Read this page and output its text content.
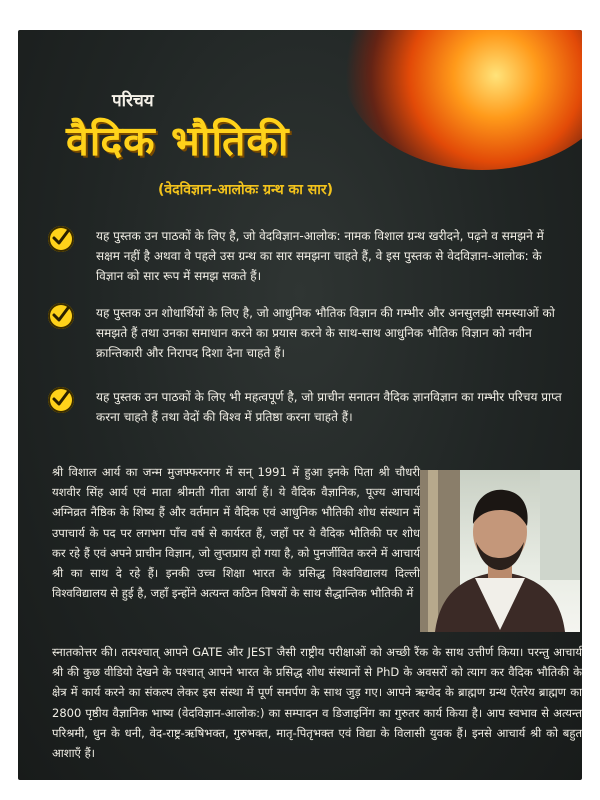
परिचय

वैदिक भौतिकी

(वेदविज्ञान-आलोकः ग्रन्थ का सार)

यह पुस्तक उन पाठकों के लिए है, जो वेदविज्ञान-आलोक: नामक विशाल ग्रन्थ खरीदने, पढ़ने व समझने में सक्षम नहीं है अथवा वे पहले उस ग्रन्थ का सार समझना चाहते हैं, वे इस पुस्तक से वेदविज्ञान-आलोक: के विज्ञान को सार रूप में समझ सकते हैं।

यह पुस्तक उन शोधार्थियों के लिए है, जो आधुनिक भौतिक विज्ञान की गम्भीर और अनसुलझी समस्याओं को समझते हैं तथा उनका समाधान करने का प्रयास करने के साथ-साथ आधुनिक भौतिक विज्ञान को नवीन क्रान्तिकारी और निरापद दिशा देना चाहते हैं।

यह पुस्तक उन पाठकों के लिए भी महत्वपूर्ण है, जो प्राचीन सनातन वैदिक ज्ञानविज्ञान का गम्भीर परिचय प्राप्त करना चाहते हैं तथा वेदों की विश्व में प्रतिष्ठा करना चाहते हैं।

श्री विशाल आर्य का जन्म मुजफ्फरनगर में सन् 1991 में हुआ इनके पिता श्री चौधरी यशवीर सिंह आर्य एवं माता श्रीमती गीता आर्या हैं। ये वैदिक वैज्ञानिक, पूज्य आचार्य अग्निव्रत नैष्ठिक के शिष्य हैं और वर्तमान में वैदिक एवं आधुनिक भौतिकी शोध संस्थान में उपाचार्य के पद पर लगभग पाँच वर्ष से कार्यरत हैं, जहाँ पर ये वैदिक भौतिकी पर शोध कर रहे हैं एवं अपने प्राचीन विज्ञान, जो लुप्तप्राय हो गया है, को पुनर्जीवित करने में आचार्य श्री का साथ दे रहे हैं। इनकी उच्च शिक्षा भारत के प्रसिद्ध विश्वविद्यालय दिल्ली विश्वविद्यालय से हुई है, जहाँ इन्होंने अत्यन्त कठिन विषयों के साथ सैद्धान्तिक भौतिकी में

स्नातकोत्तर की। तत्पश्चात् आपने GATE और JEST जैसी राष्ट्रीय परीक्षाओं को अच्छी रैंक के साथ उत्तीर्ण किया। परन्तु आचार्य श्री की कुछ वीडियो देखने के पश्चात् आपने भारत के प्रसिद्ध शोध संस्थानों से PhD के अवसरों को त्याग कर वैदिक भौतिकी के क्षेत्र में कार्य करने का संकल्प लेकर इस संस्था में पूर्ण समर्पण के साथ जुड़ गए। आपने ऋग्वेद के ब्राह्मण ग्रन्थ ऐतरेय ब्राह्मण का 2800 पृष्ठीय वैज्ञानिक भाष्य (वेदविज्ञान-आलोक:) का सम्पादन व डिजाइनिंग का गुरुतर कार्य किया है। आप स्वभाव से अत्यन्त परिश्रमी, धुन के धनी, वेद-राष्ट्र-ऋषिभक्त, गुरुभक्त, मातृ-पितृभक्त एवं विद्या के विलासी युवक हैं। इनसे आचार्य श्री को बहुत आशाएँ हैं।
